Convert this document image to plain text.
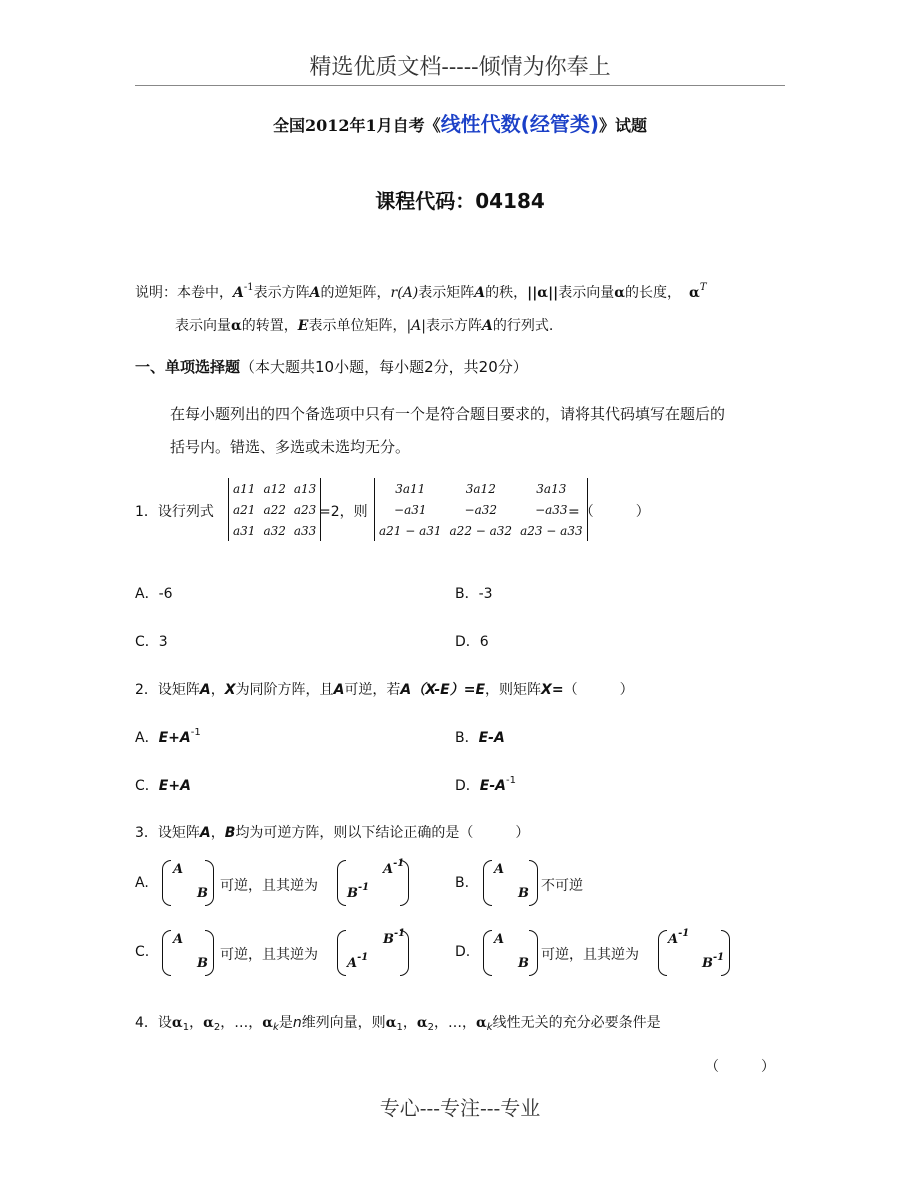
精选优质文档-----倾情为你奉上
全国2012年1月自考《线性代数(经管类)》试题
课程代码：04184
说明：本卷中，$A^{-1}$表示方阵A的逆矩阵，r(A)表示矩阵A的秩，||α||表示向量α的长度， $\alpha^T$
表示向量α的转置，E表示单位矩阵，|A|表示方阵A的行列式.
一、单项选择题（本大题共10小题，每小题2分，共20分）
在每小题列出的四个备选项中只有一个是符合题目要求的，请将其代码填写在题后的
括号内。错选、多选或未选均无分。
1．设行列式
a11	a12	a13
a21	a22	a23
a31	a32	a33
=2，则
3a11	3a12	3a13
−a31	−a32	−a33
a21 − a31	a22 − a32	a23 − a33
=（　　　）
A．-6	B．-3
C．3	D．6
2．设矩阵A，X为同阶方阵，且A可逆，若A（X-E）=E，则矩阵X=（　　　）
A．$E+A^{-1}$	B．E-A
C．E+A	D．$E-A^{-1}$
3．设矩阵A，B均为可逆方阵，则以下结论正确的是（　　　）
A.
A
B 可逆，且其逆为
$A^{-1}$
$B^{-1}$	B.
A
B 不可逆
C.
A
B
可逆，且其逆为
$B^{-1}$
$A^{-1}$	D.
A
B
可逆，且其逆为
$A^{-1}$
$B^{-1}$
4．设$\alpha_1$，$\alpha_2$，…，$\alpha_k$是n维列向量，则$\alpha_1$，$\alpha_2$，…，$\alpha_k$线性无关的充分必要条件是
（　　　）
专心---专注---专业
